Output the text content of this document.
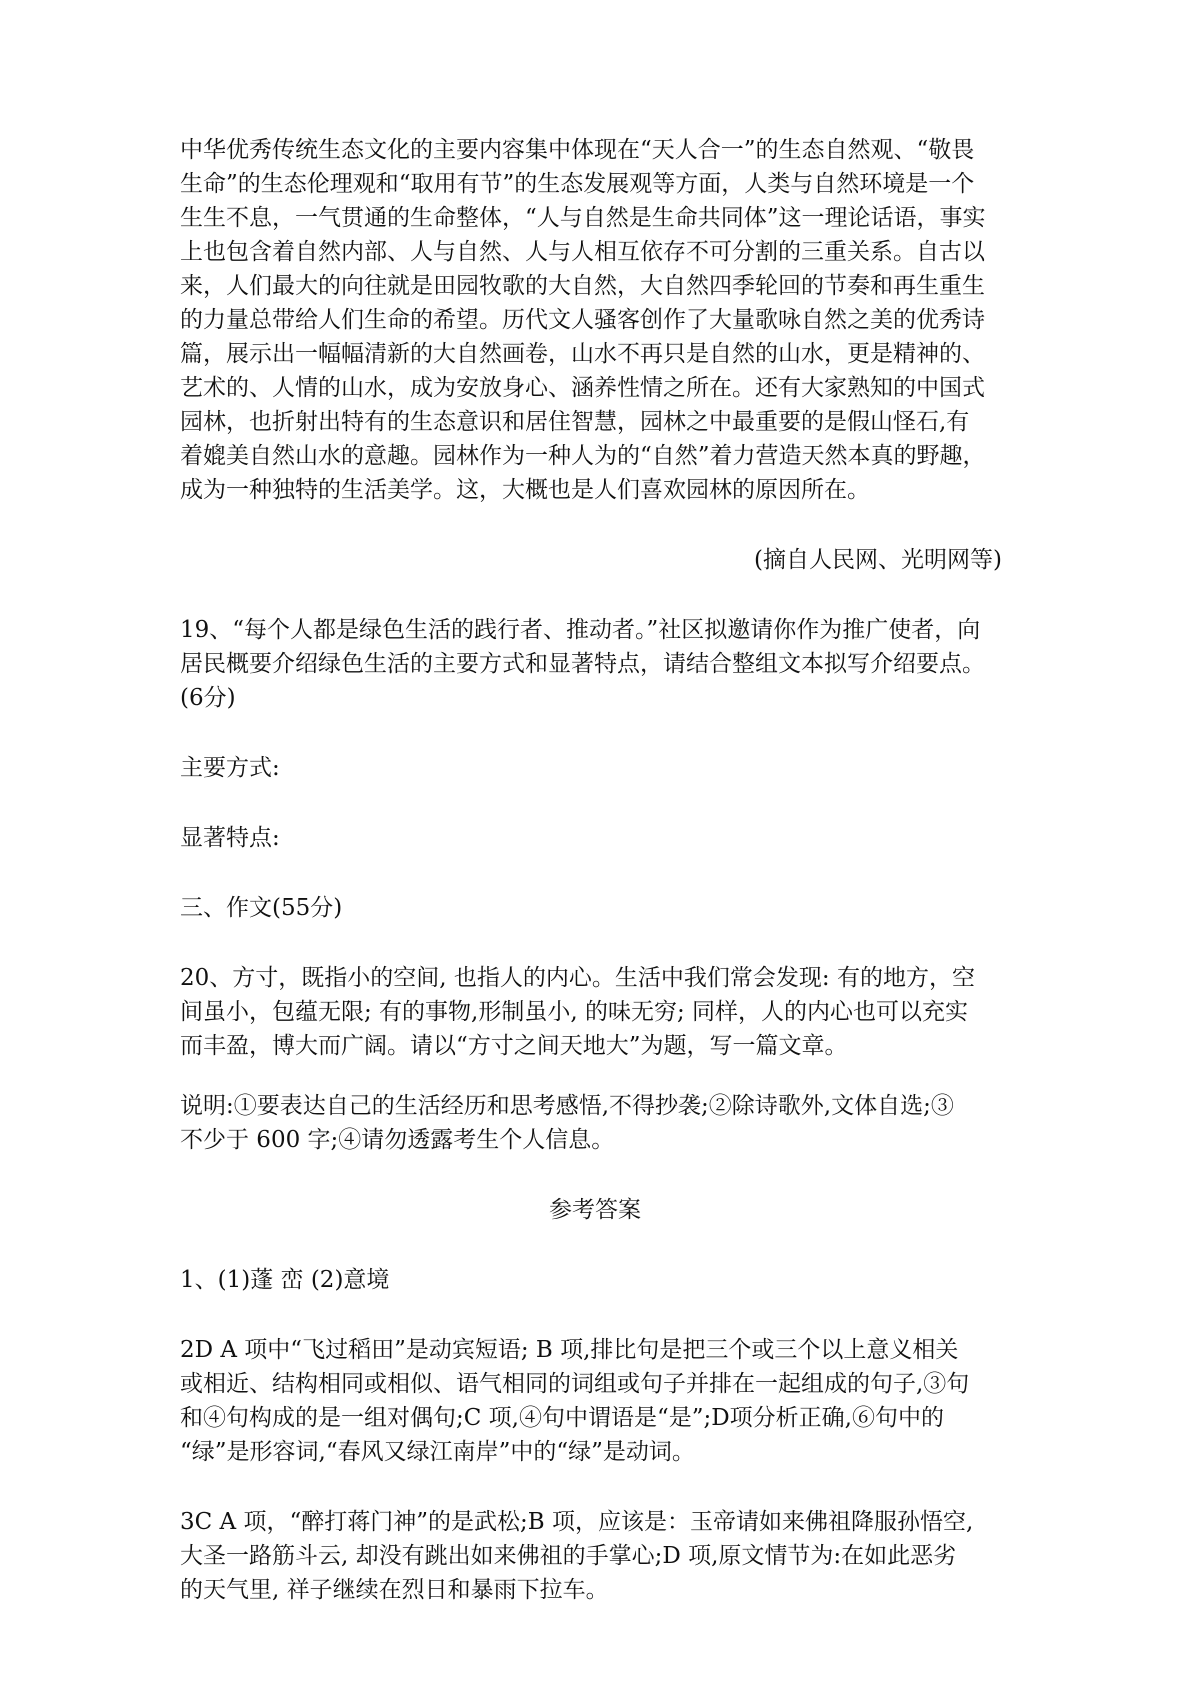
中华优秀传统生态文化的主要内容集中体现在“天人合一”的生态自然观、“敬畏
生命”的生态伦理观和“取用有节”的生态发展观等方面，人类与自然环境是一个
生生不息，一气贯通的生命整体，“人与自然是生命共同体”这一理论话语，事实
上也包含着自然内部、人与自然、人与人相互依存不可分割的三重关系。自古以
来，人们最大的向往就是田园牧歌的大自然，大自然四季轮回的节奏和再生重生
的力量总带给人们生命的希望。历代文人骚客创作了大量歌咏自然之美的优秀诗
篇，展示出一幅幅清新的大自然画卷，山水不再只是自然的山水，更是精神的、
艺术的、人情的山水，成为安放身心、涵养性情之所在。还有大家熟知的中国式
园林，也折射出特有的生态意识和居住智慧，园林之中最重要的是假山怪石,有
着媲美自然山水的意趣。园林作为一种人为的“自然”着力营造天然本真的野趣，
成为一种独特的生活美学。这，大概也是人们喜欢园林的原因所在。
(摘自人民网、光明网等)
19、“每个人都是绿色生活的践行者、推动者。”社区拟邀请你作为推广使者，向
居民概要介绍绿色生活的主要方式和显著特点，请结合整组文本拟写介绍要点。
(6分)
主要方式:
显著特点:
三、作文(55分)
20、方寸，既指小的空间, 也指人的内心。生活中我们常会发现: 有的地方，空
间虽小，包蕴无限; 有的事物,形制虽小, 的味无穷; 同样，人的内心也可以充实
而丰盈，博大而广阔。请以“方寸之间天地大”为题，写一篇文章。
说明:①要表达自己的生活经历和思考感悟,不得抄袭;②除诗歌外,文体自选;③
不少于 600 字;④请勿透露考生个人信息。
参考答案
1、(1)蓬 峦 (2)意境
2D A 项中“飞过稻田”是动宾短语; B 项,排比句是把三个或三个以上意义相关
或相近、结构相同或相似、语气相同的词组或句子并排在一起组成的句子,③句
和④句构成的是一组对偶句;C 项,④句中谓语是“是”;D项分析正确,⑥句中的
“绿”是形容词,“春风又绿江南岸”中的“绿”是动词。
3C A 项，“醉打蒋门神”的是武松;B 项，应该是：玉帝请如来佛祖降服孙悟空,
大圣一路筋斗云, 却没有跳出如来佛祖的手掌心;D 项,原文情节为:在如此恶劣
的天气里, 祥子继续在烈日和暴雨下拉车。
